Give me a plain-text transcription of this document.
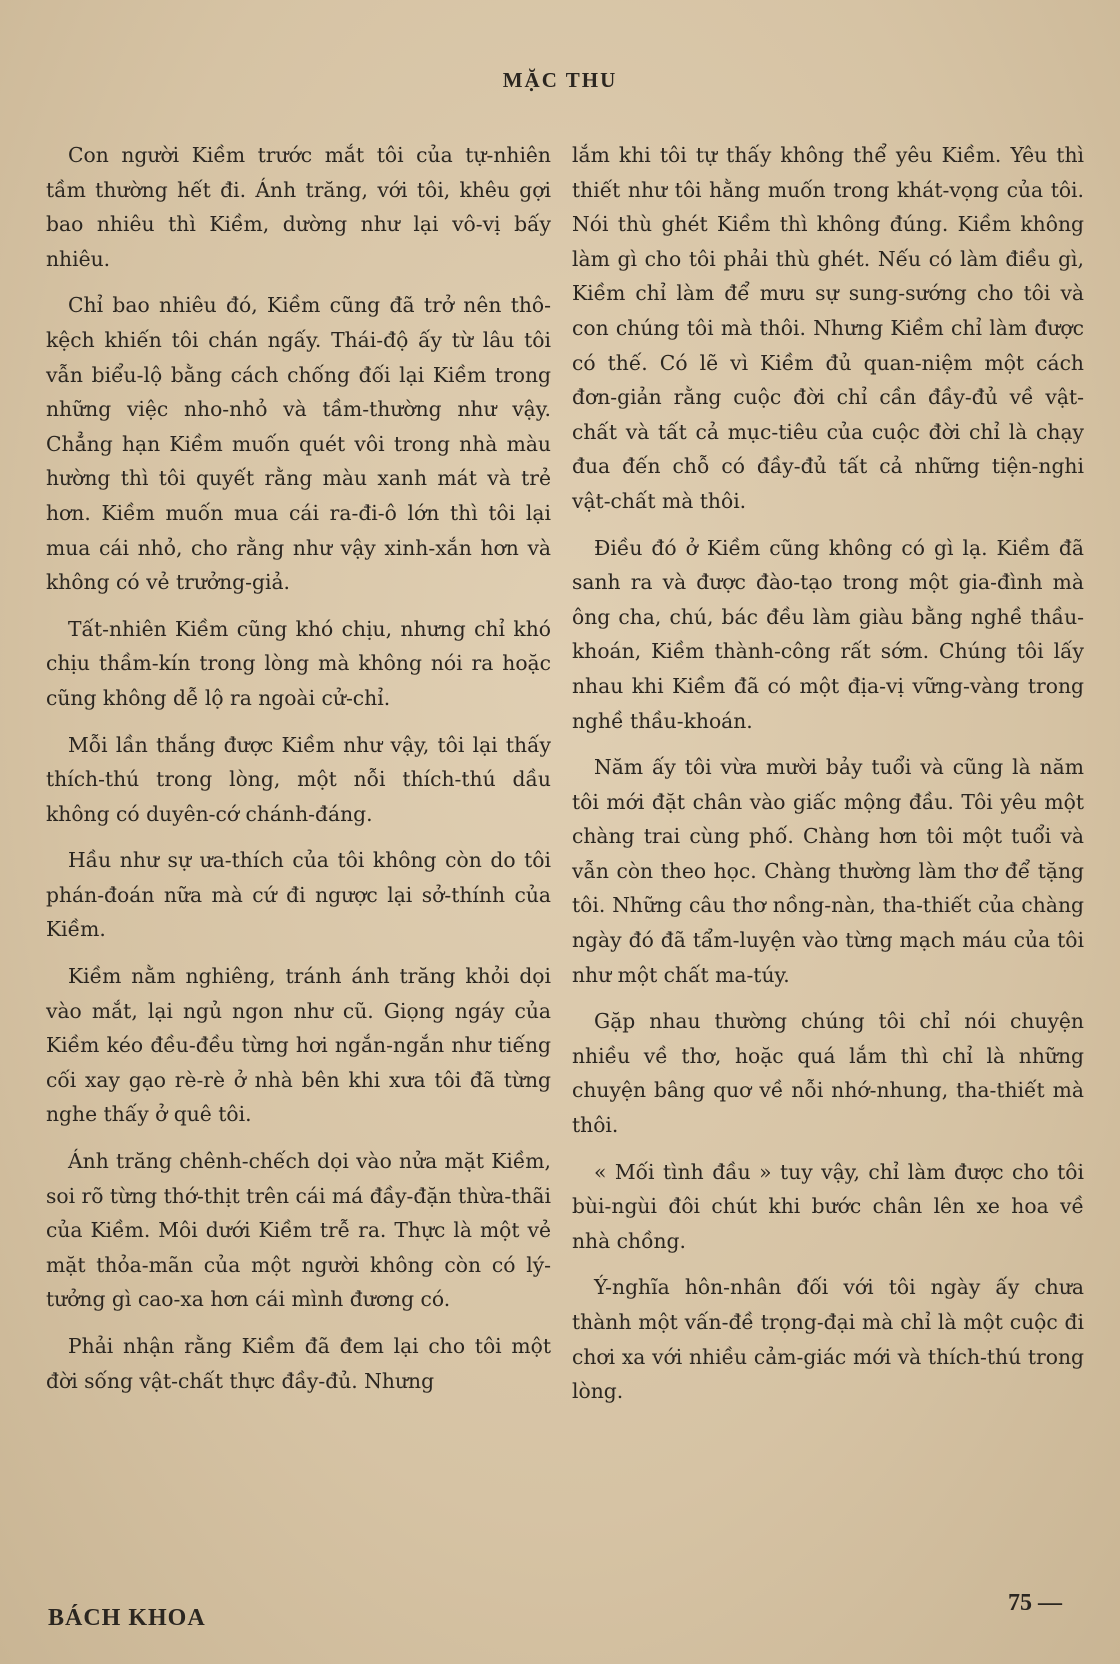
MẶC THU

Con người Kiềm trước mắt tôi của tự-nhiên tầm thường hết đi. Ánh trăng, với tôi, khêu gợi bao nhiêu thì Kiềm, dường như lại vô-vị bấy nhiêu.

Chỉ bao nhiêu đó, Kiềm cũng đã trở nên thô-kệch khiến tôi chán ngấy. Thái-độ ấy từ lâu tôi vẫn biểu-lộ bằng cách chống đối lại Kiềm trong những việc nho-nhỏ và tầm-thường như vậy. Chẳng hạn Kiềm muốn quét vôi trong nhà màu hường thì tôi quyết rằng màu xanh mát và trẻ hơn. Kiềm muốn mua cái ra-đi-ô lớn thì tôi lại mua cái nhỏ, cho rằng như vậy xinh-xắn hơn và không có vẻ trưởng-giả.

Tất-nhiên Kiềm cũng khó chịu, nhưng chỉ khó chịu thầm-kín trong lòng mà không nói ra hoặc cũng không dễ lộ ra ngoài cử-chỉ.

Mỗi lần thắng được Kiềm như vậy, tôi lại thấy thích-thú trong lòng, một nỗi thích-thú dầu không có duyên-cớ chánh-đáng.

Hầu như sự ưa-thích của tôi không còn do tôi phán-đoán nữa mà cứ đi ngược lại sở-thính của Kiềm.

Kiềm nằm nghiêng, tránh ánh trăng khỏi dọi vào mắt, lại ngủ ngon như cũ. Giọng ngáy của Kiềm kéo đều-đều từng hơi ngắn-ngắn như tiếng cối xay gạo rè-rè ở nhà bên khi xưa tôi đã từng nghe thấy ở quê tôi.

Ánh trăng chênh-chếch dọi vào nửa mặt Kiềm, soi rõ từng thớ-thịt trên cái má đầy-đặn thừa-thãi của Kiềm. Môi dưới Kiềm trễ ra. Thực là một vẻ mặt thỏa-mãn của một người không còn có lý-tưởng gì cao-xa hơn cái mình đương có.

Phải nhận rằng Kiềm đã đem lại cho tôi một đời sống vật-chất thực đầy-đủ. Nhưng

lắm khi tôi tự thấy không thể yêu Kiềm. Yêu thì thiết như tôi hằng muốn trong khát-vọng của tôi. Nói thù ghét Kiềm thì không đúng. Kiềm không làm gì cho tôi phải thù ghét. Nếu có làm điều gì, Kiềm chỉ làm để mưu sự sung-sướng cho tôi và con chúng tôi mà thôi. Nhưng Kiềm chỉ làm được có thế. Có lẽ vì Kiềm đủ quan-niệm một cách đơn-giản rằng cuộc đời chỉ cần đầy-đủ về vật-chất và tất cả mục-tiêu của cuộc đời chỉ là chạy đua đến chỗ có đầy-đủ tất cả những tiện-nghi vật-chất mà thôi.

Điều đó ở Kiềm cũng không có gì lạ. Kiềm đã sanh ra và được đào-tạo trong một gia-đình mà ông cha, chú, bác đều làm giàu bằng nghề thầu-khoán, Kiềm thành-công rất sớm. Chúng tôi lấy nhau khi Kiềm đã có một địa-vị vững-vàng trong nghề thầu-khoán.

Năm ấy tôi vừa mười bảy tuổi và cũng là năm tôi mới đặt chân vào giấc mộng đầu. Tôi yêu một chàng trai cùng phố. Chàng hơn tôi một tuổi và vẫn còn theo học. Chàng thường làm thơ để tặng tôi. Những câu thơ nồng-nàn, tha-thiết của chàng ngày đó đã tẩm-luyện vào từng mạch máu của tôi như một chất ma-túy.

Gặp nhau thường chúng tôi chỉ nói chuyện nhiều về thơ, hoặc quá lắm thì chỉ là những chuyện bâng quơ về nỗi nhớ-nhung, tha-thiết mà thôi.

« Mối tình đầu » tuy vậy, chỉ làm được cho tôi bùi-ngùi đôi chút khi bước chân lên xe hoa về nhà chồng.

Ý-nghĩa hôn-nhân đối với tôi ngày ấy chưa thành một vấn-đề trọng-đại mà chỉ là một cuộc đi chơi xa với nhiều cảm-giác mới và thích-thú trong lòng.

BÁCH KHOA
75 —
